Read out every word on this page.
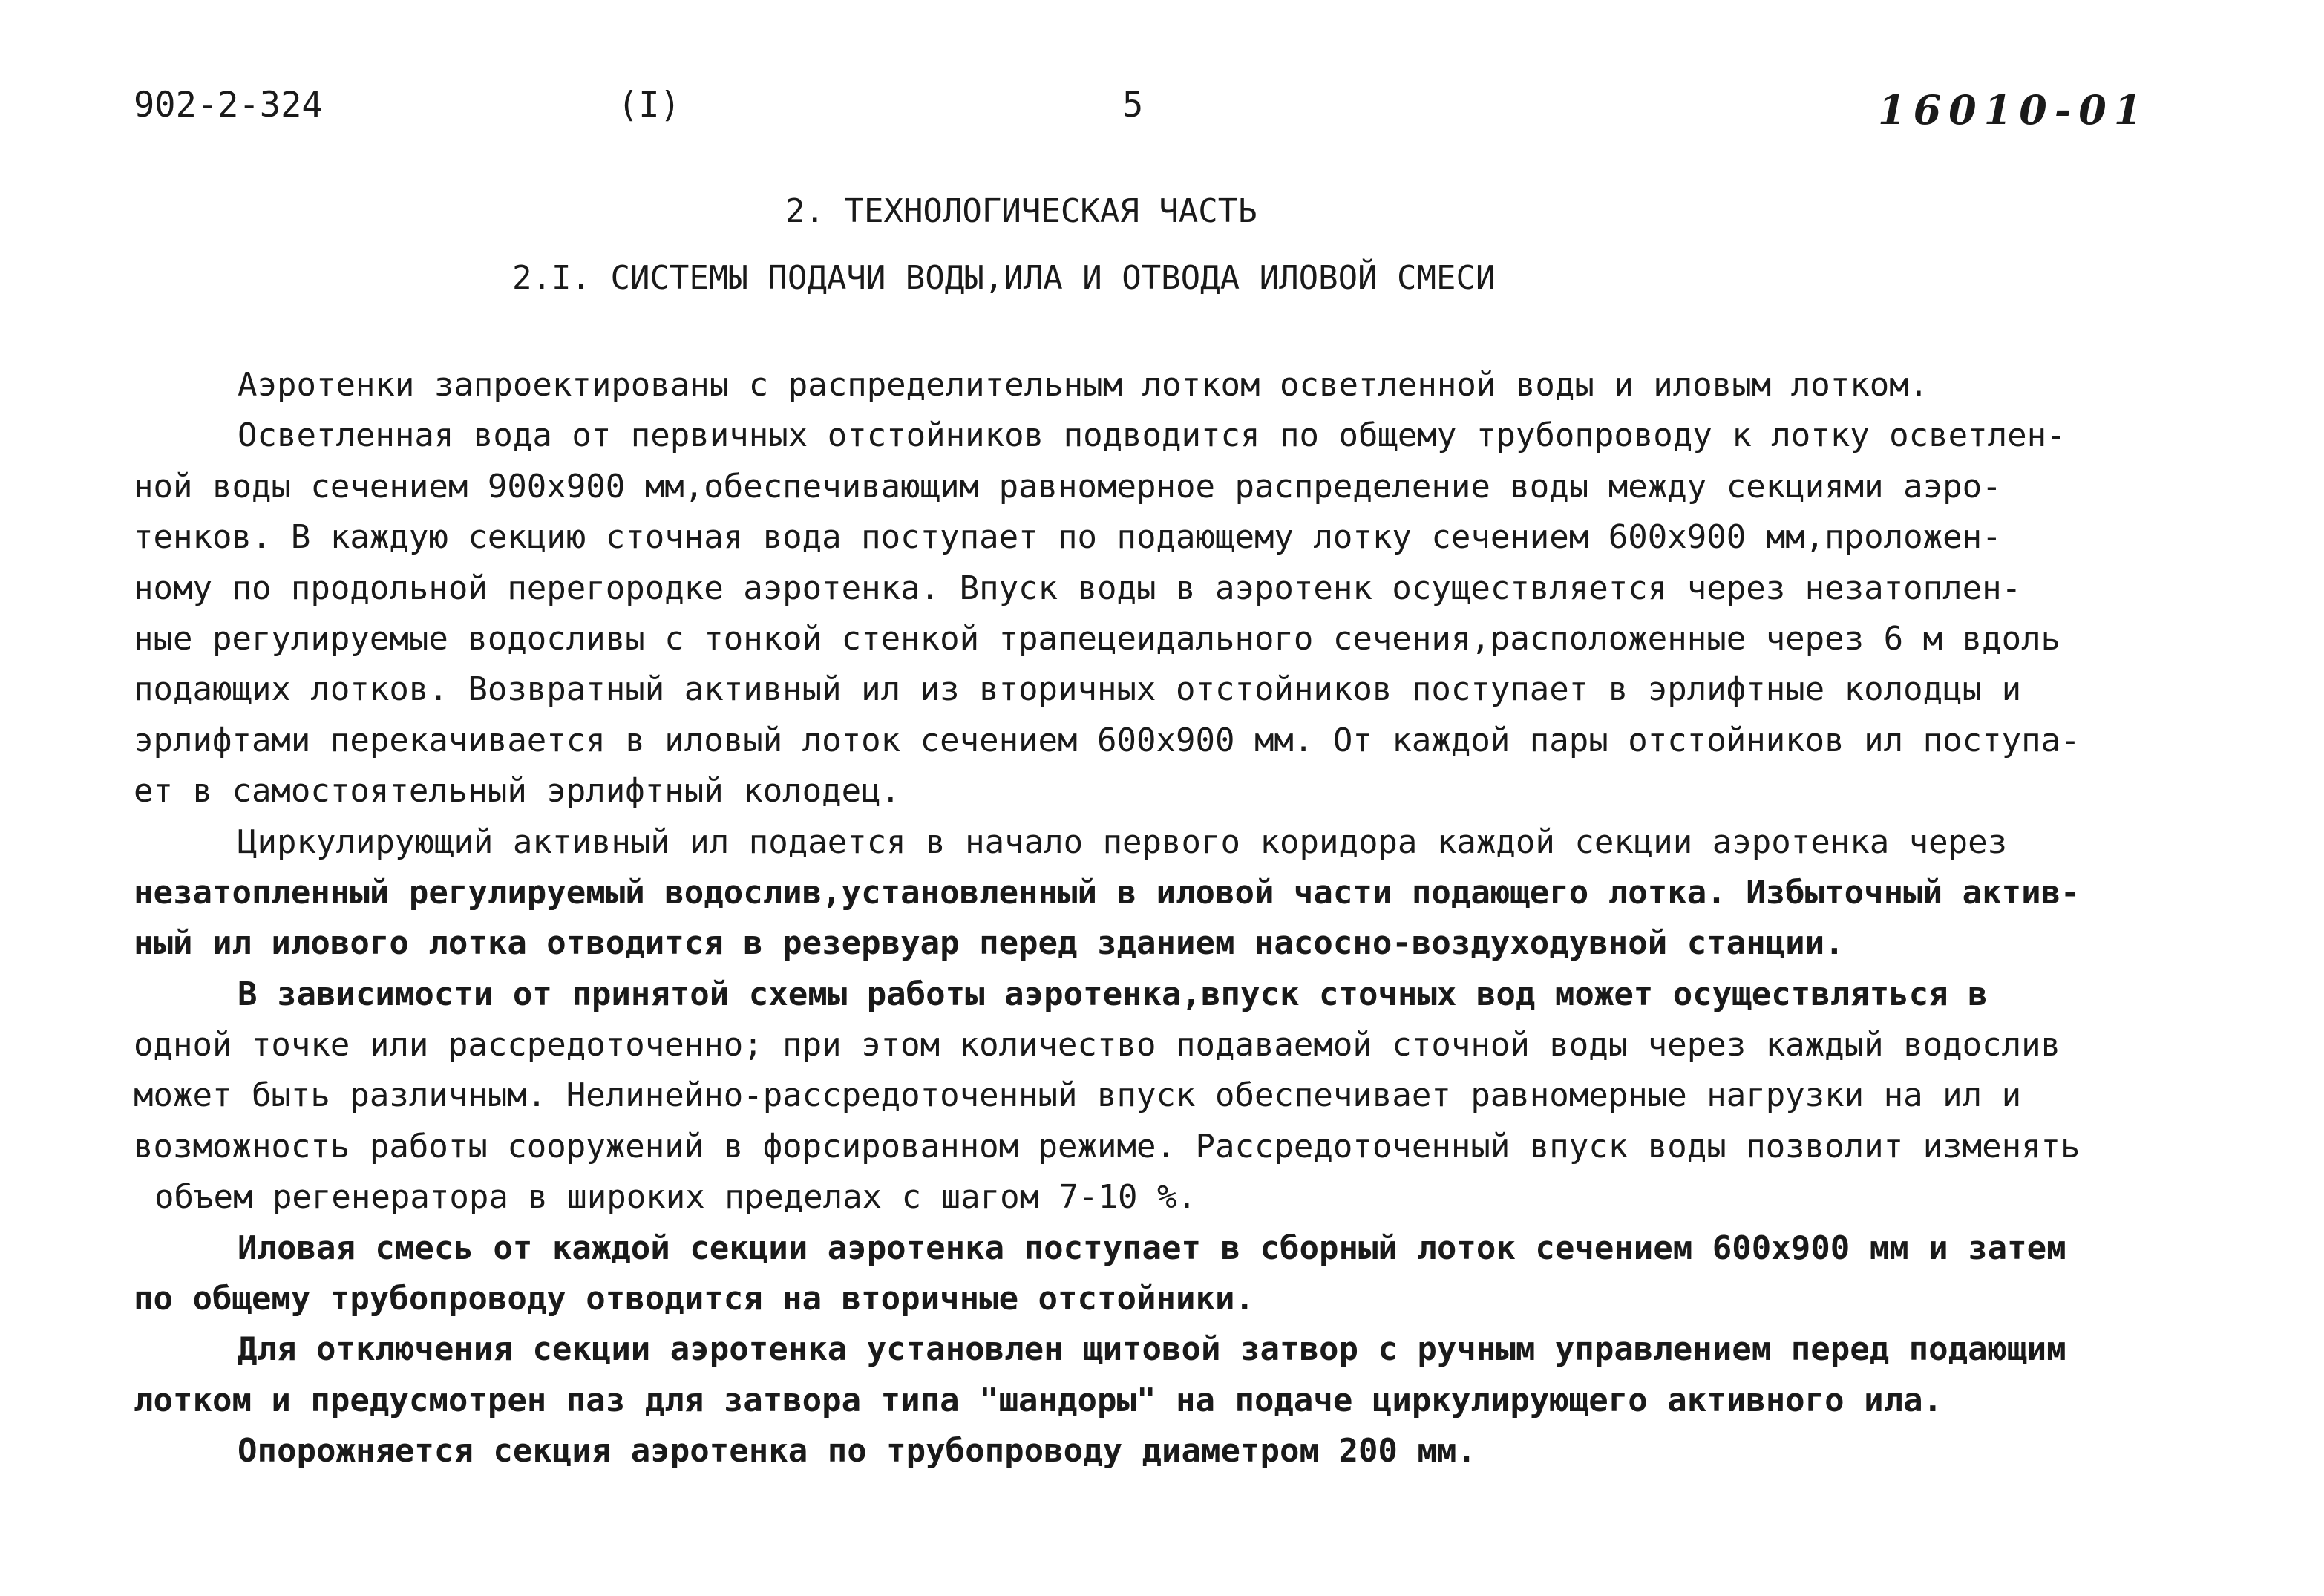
902-2-324	(I)	5	16010-01
2. ТЕХНОЛОГИЧЕСКАЯ ЧАСТЬ
2.I. СИСТЕМЫ ПОДАЧИ ВОДЫ,ИЛА И ОТВОДА ИЛОВОЙ СМЕСИ
Аэротенки запроектированы с распределительным лотком осветленной воды и иловым лотком.
Осветленная вода от первичных отстойников подводится по общему трубопроводу к лотку осветлен-
ной воды сечением 900х900 мм,обеспечивающим равномерное распределение воды между секциями аэро-
тенков. В каждую секцию сточная вода поступает по подающему лотку сечением 600х900 мм,проложен-
ному по продольной перегородке аэротенка. Впуск воды в аэротенк осуществляется через незатоплен-
ные регулируемые водосливы с тонкой стенкой трапецеидального сечения,расположенные через 6 м вдоль
подающих лотков. Возвратный активный ил из вторичных отстойников поступает в эрлифтные колодцы и
эрлифтами перекачивается в иловый лоток сечением 600х900 мм. От каждой пары отстойников ил поступа-
ет в самостоятельный эрлифтный колодец.
Циркулирующий активный ил подается в начало первого коридора каждой секции аэротенка через
незатопленный регулируемый водослив,установленный в иловой части подающего лотка. Избыточный актив-
ный ил илового лотка отводится в резервуар перед зданием насосно-воздуходувной станции.
В зависимости от принятой схемы работы аэротенка,впуск сточных вод может осуществляться в
одной точке или рассредоточенно; при этом количество подаваемой сточной воды через каждый водослив
может быть различным. Нелинейно-рассредоточенный впуск обеспечивает равномерные нагрузки на ил и
возможность работы сооружений в форсированном режиме. Рассредоточенный впуск воды позволит изменять
объем регенератора в широких пределах с шагом 7-10 %.
Иловая смесь от каждой секции аэротенка поступает в сборный лоток сечением 600х900 мм и затем
по общему трубопроводу отводится на вторичные отстойники.
Для отключения секции аэротенка установлен щитовой затвор с ручным управлением перед подающим
лотком и предусмотрен паз для затвора типа "шандоры" на подаче циркулирующего активного ила.
Опорожняется секция аэротенка по трубопроводу диаметром 200 мм.
